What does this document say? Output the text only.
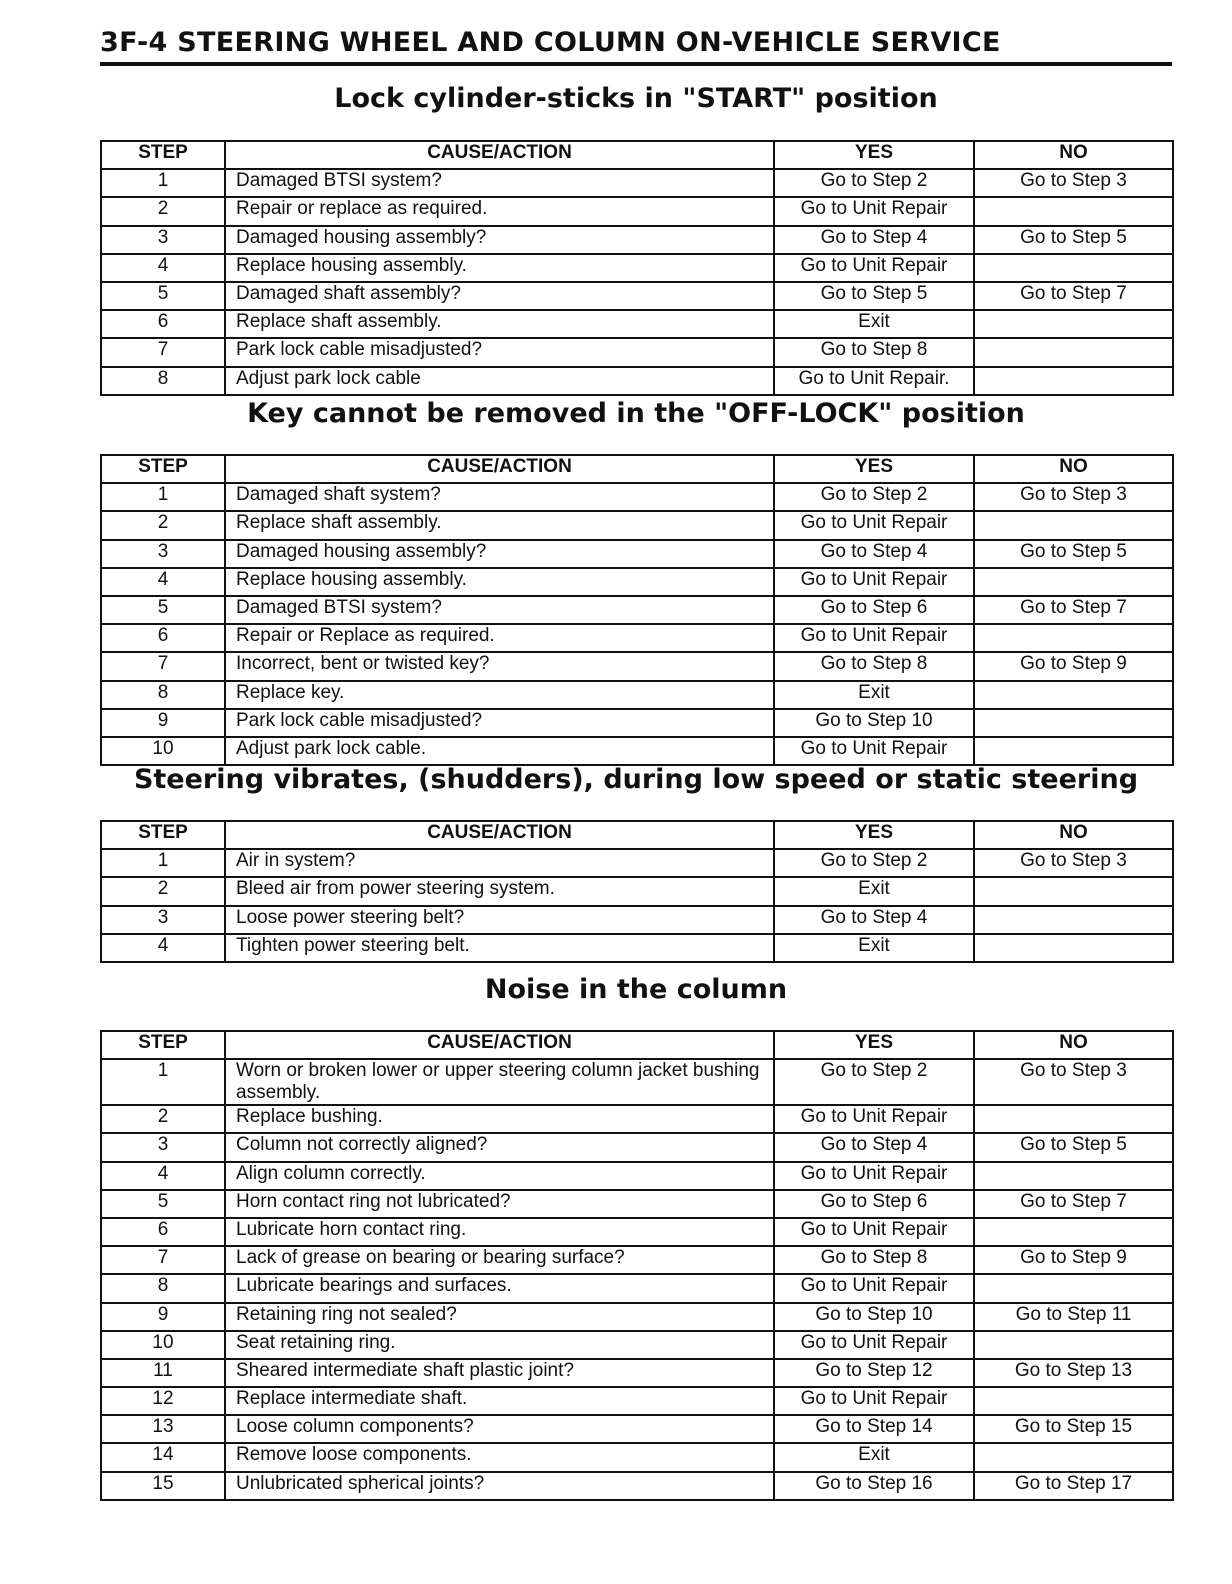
3F-4 STEERING WHEEL AND COLUMN ON-VEHICLE SERVICE
Lock cylinder-sticks in "START" position
STEP	CAUSE/ACTION	YES	NO
1	Damaged BTSI system?	Go to Step 2	Go to Step 3
2	Repair or replace as required.	Go to Unit Repair	
3	Damaged housing assembly?	Go to Step 4	Go to Step 5
4	Replace housing assembly.	Go to Unit Repair	
5	Damaged shaft assembly?	Go to Step 5	Go to Step 7
6	Replace shaft assembly.	Exit	
7	Park lock cable misadjusted?	Go to Step 8	
8	Adjust park lock cable	Go to Unit Repair.	
Key cannot be removed in the "OFF-LOCK" position
STEP	CAUSE/ACTION	YES	NO
1	Damaged shaft system?	Go to Step 2	Go to Step 3
2	Replace shaft assembly.	Go to Unit Repair	
3	Damaged housing assembly?	Go to Step 4	Go to Step 5
4	Replace housing assembly.	Go to Unit Repair	
5	Damaged BTSI system?	Go to Step 6	Go to Step 7
6	Repair or Replace as required.	Go to Unit Repair	
7	Incorrect, bent or twisted key?	Go to Step 8	Go to Step 9
8	Replace key.	Exit	
9	Park lock cable misadjusted?	Go to Step 10	
10	Adjust park lock cable.	Go to Unit Repair	
Steering vibrates, (shudders), during low speed or static steering
STEP	CAUSE/ACTION	YES	NO
1	Air in system?	Go to Step 2	Go to Step 3
2	Bleed air from power steering system.	Exit	
3	Loose power steering belt?	Go to Step 4	
4	Tighten power steering belt.	Exit	
Noise in the column
STEP	CAUSE/ACTION	YES	NO
1	Worn or broken lower or upper steering column jacket bushing assembly.	Go to Step 2	Go to Step 3
2	Replace bushing.	Go to Unit Repair	
3	Column not correctly aligned?	Go to Step 4	Go to Step 5
4	Align column correctly.	Go to Unit Repair	
5	Horn contact ring not lubricated?	Go to Step 6	Go to Step 7
6	Lubricate horn contact ring.	Go to Unit Repair	
7	Lack of grease on bearing or bearing surface?	Go to Step 8	Go to Step 9
8	Lubricate bearings and surfaces.	Go to Unit Repair	
9	Retaining ring not sealed?	Go to Step 10	Go to Step 11
10	Seat retaining ring.	Go to Unit Repair	
11	Sheared intermediate shaft plastic joint?	Go to Step 12	Go to Step 13
12	Replace intermediate shaft.	Go to Unit Repair	
13	Loose column components?	Go to Step 14	Go to Step 15
14	Remove loose components.	Exit	
15	Unlubricated spherical joints?	Go to Step 16	Go to Step 17
